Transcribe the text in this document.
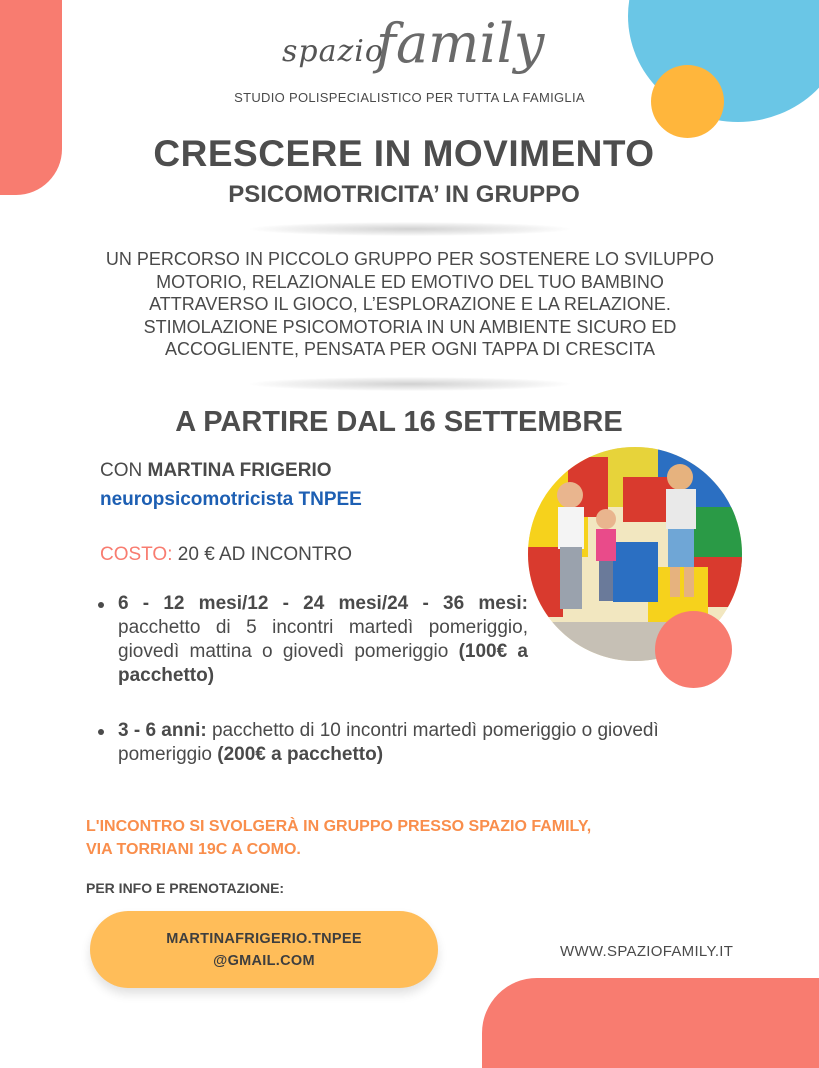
spazio
family
STUDIO POLISPECIALISTICO PER TUTTA LA FAMIGLIA
CRESCERE IN MOVIMENTO
PSICOMOTRICITA’ IN GRUPPO
UN PERCORSO IN PICCOLO GRUPPO PER SOSTENERE LO SVILUPPO
MOTORIO, RELAZIONALE ED EMOTIVO DEL TUO BAMBINO
ATTRAVERSO IL GIOCO, L’ESPLORAZIONE E LA RELAZIONE.
STIMOLAZIONE PSICOMOTORIA IN UN AMBIENTE SICURO ED
ACCOGLIENTE, PENSATA PER OGNI TAPPA DI CRESCITA
A PARTIRE DAL 16 SETTEMBRE
CON MARTINA FRIGERIO
neuropsicomotricista TNPEE
COSTO: 20 € AD INCONTRO
6 - 12 mesi/12 - 24 mesi/24 - 36 mesi: pacchetto di 5 incontri martedì pomeriggio, giovedì mattina o giovedì pomeriggio (100€ a pacchetto)
3 - 6 anni: pacchetto di 10 incontri martedì pomeriggio o giovedì pomeriggio (200€ a pacchetto)
L'INCONTRO SI SVOLGERÀ IN GRUPPO PRESSO SPAZIO FAMILY,
VIA TORRIANI 19C A COMO.
PER INFO E PRENOTAZIONE:
MARTINAFRIGERIO.TNPEE
@GMAIL.COM
WWW.SPAZIOFAMILY.IT
